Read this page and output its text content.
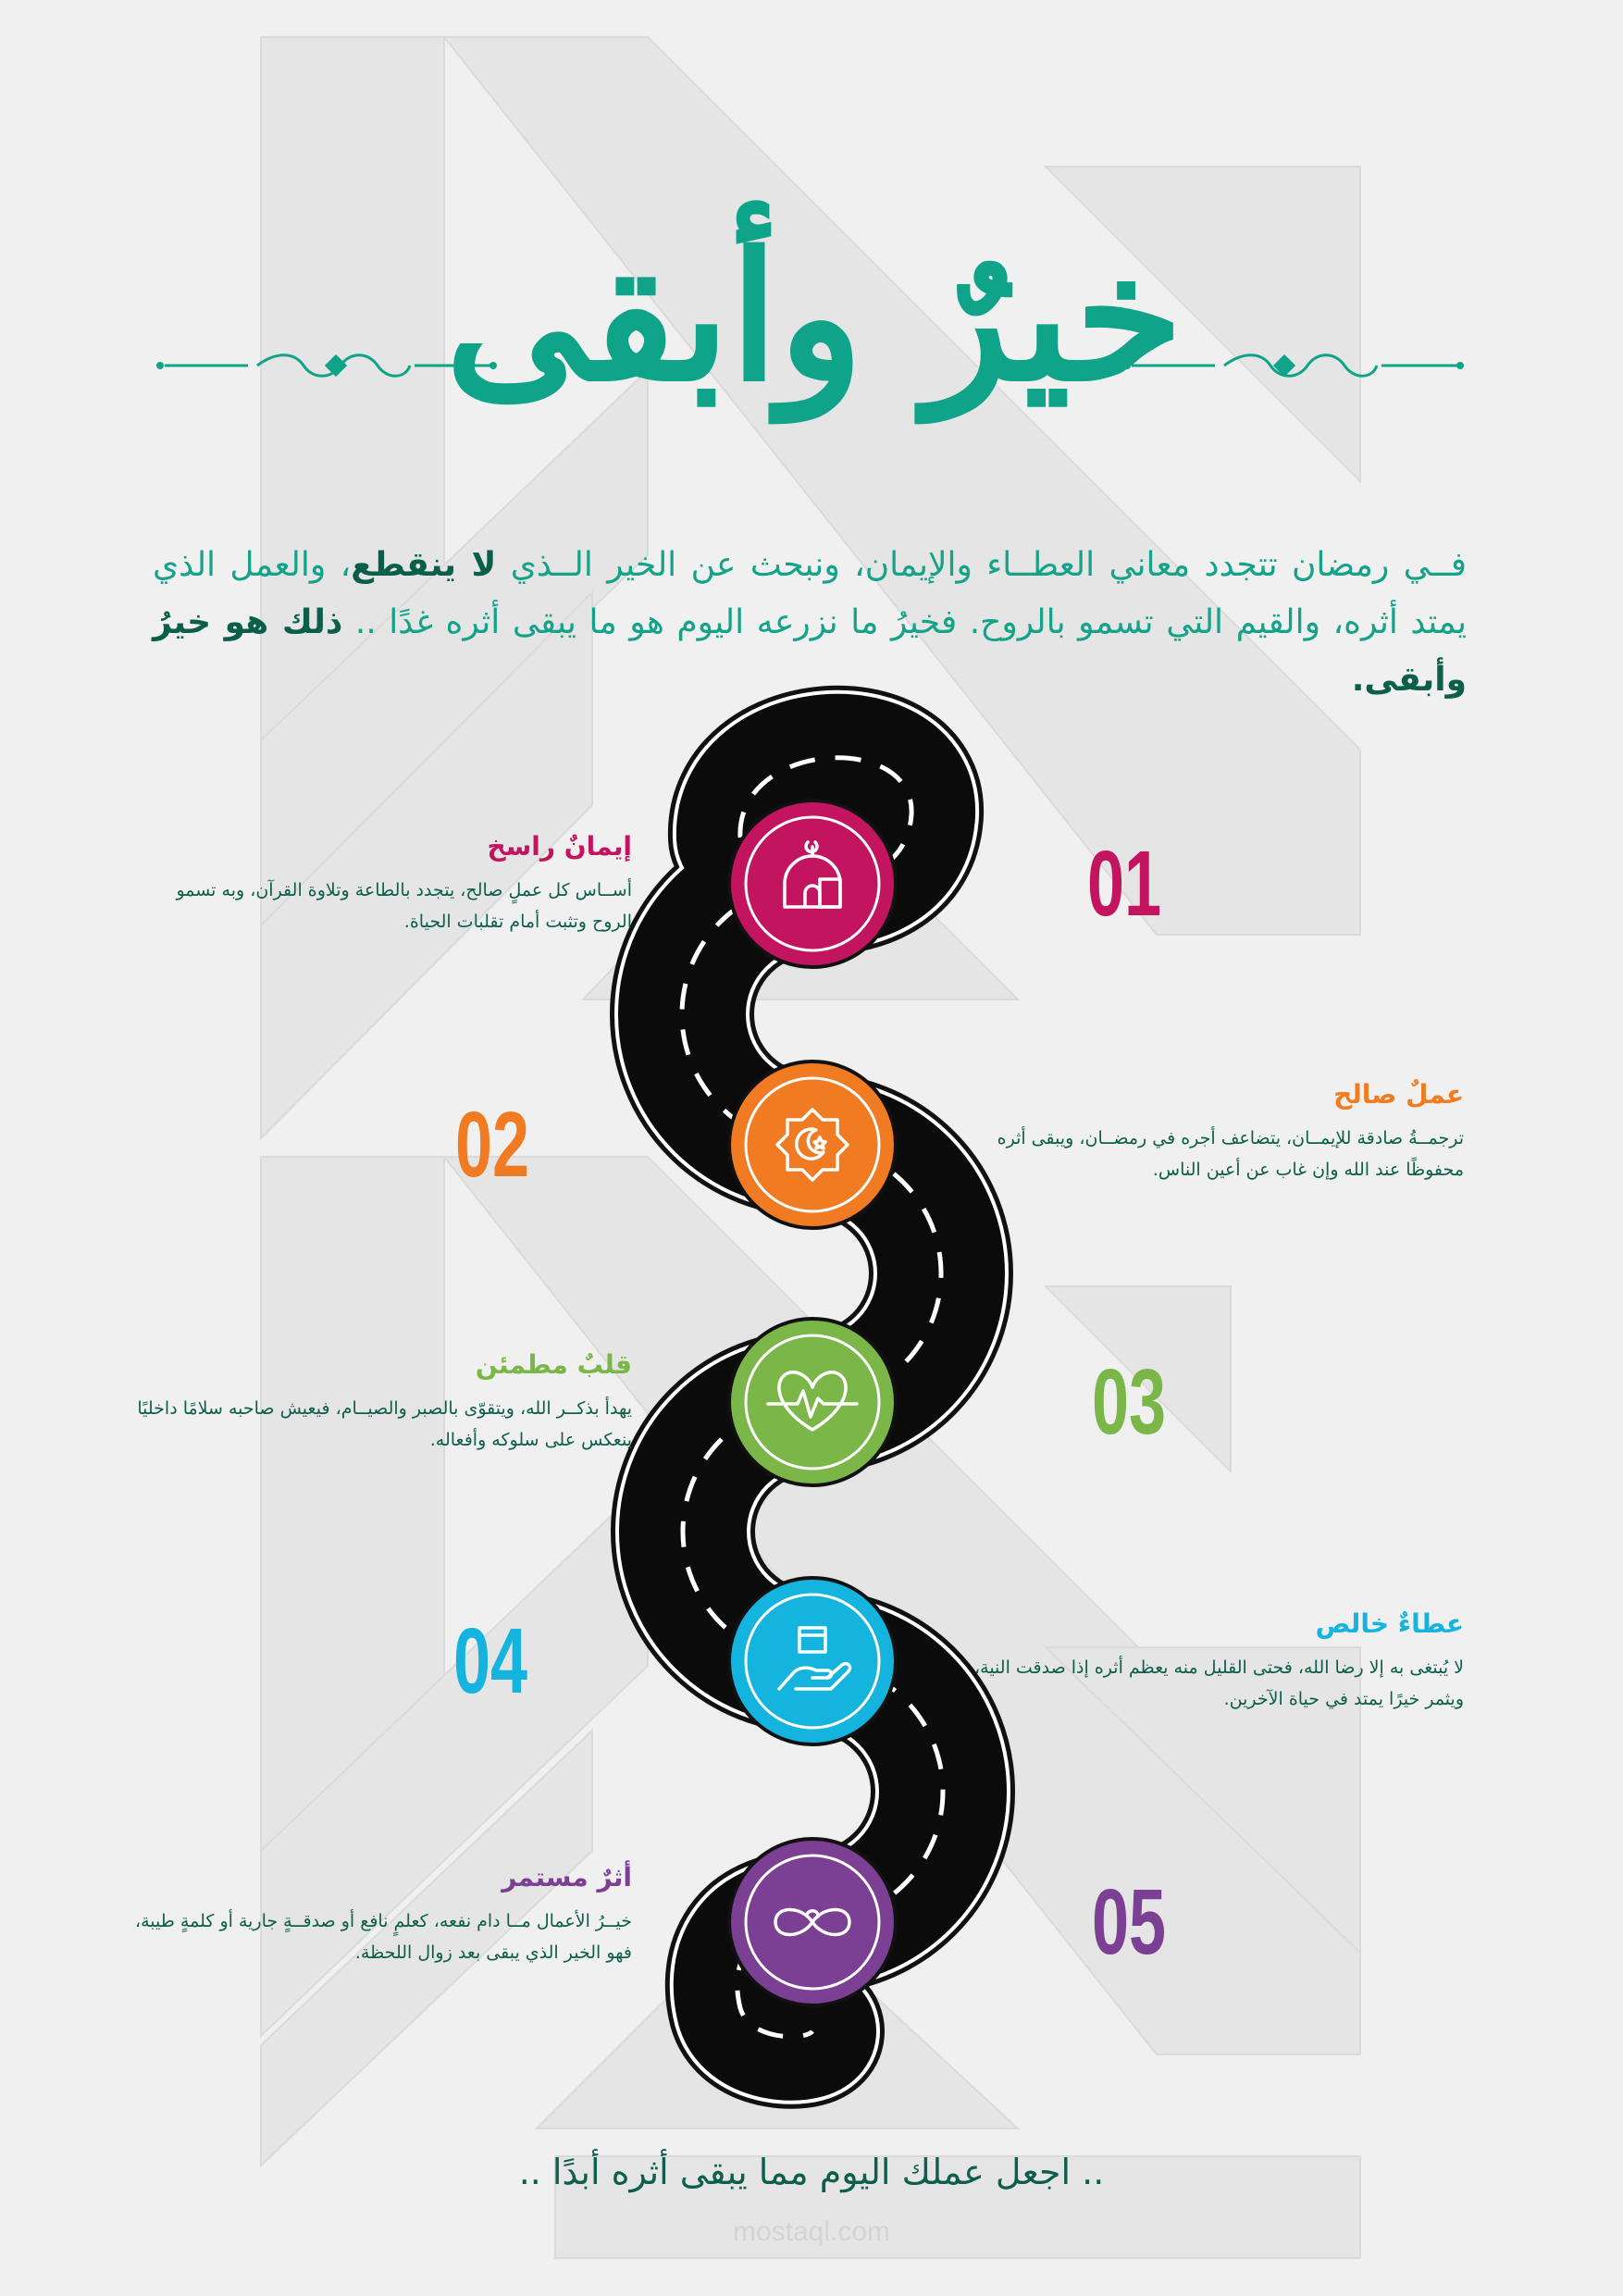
خيرٌ وأبقى
فــي رمضان تتجدد معاني العطــاء والإيمان، ونبحث عن الخير الــذي لا ينقطع، والعمل الذي يمتد أثره، والقيم التي تسمو بالروح. فخيرُ ما نزرعه اليوم هو ما يبقى أثره غدًا .. ذلك هو خيرُ وأبقى.
إيمانٌ راسخ

أســاس كل عملٍ صالح، يتجدد بالطاعة وتلاوة القرآن، وبه تسمو الروح وتثبت أمام تقلبات الحياة.

عملٌ صالح

ترجمــةُ صادقة للإيمــان، يتضاعف أجره في رمضــان، ويبقى أثره محفوظًا عند الله وإن غاب عن أعين الناس.

قلبٌ مطمئن

يهدأ بذكــر الله، ويتقوّى بالصبر والصيــام، فيعيش صاحبه سلامًا داخليًا ينعكس على سلوكه وأفعاله.

عطاءٌ خالص

لا يُبتغى به إلا رضا الله، فحتى القليل منه يعظم أثره إذا صدقت النية، ويثمر خيرًا يمتد في حياة الآخرين.

أثرٌ مستمر

خيــرُ الأعمال مــا دام نفعه، كعلمٍ نافع أو صدقــةٍ جارية أو كلمةٍ طيبة، فهو الخير الذي يبقى بعد زوال اللحظة.

01
02
03
04
05
.. اجعل عملك اليوم مما يبقى أثره أبدًا ..
mostaql.com
